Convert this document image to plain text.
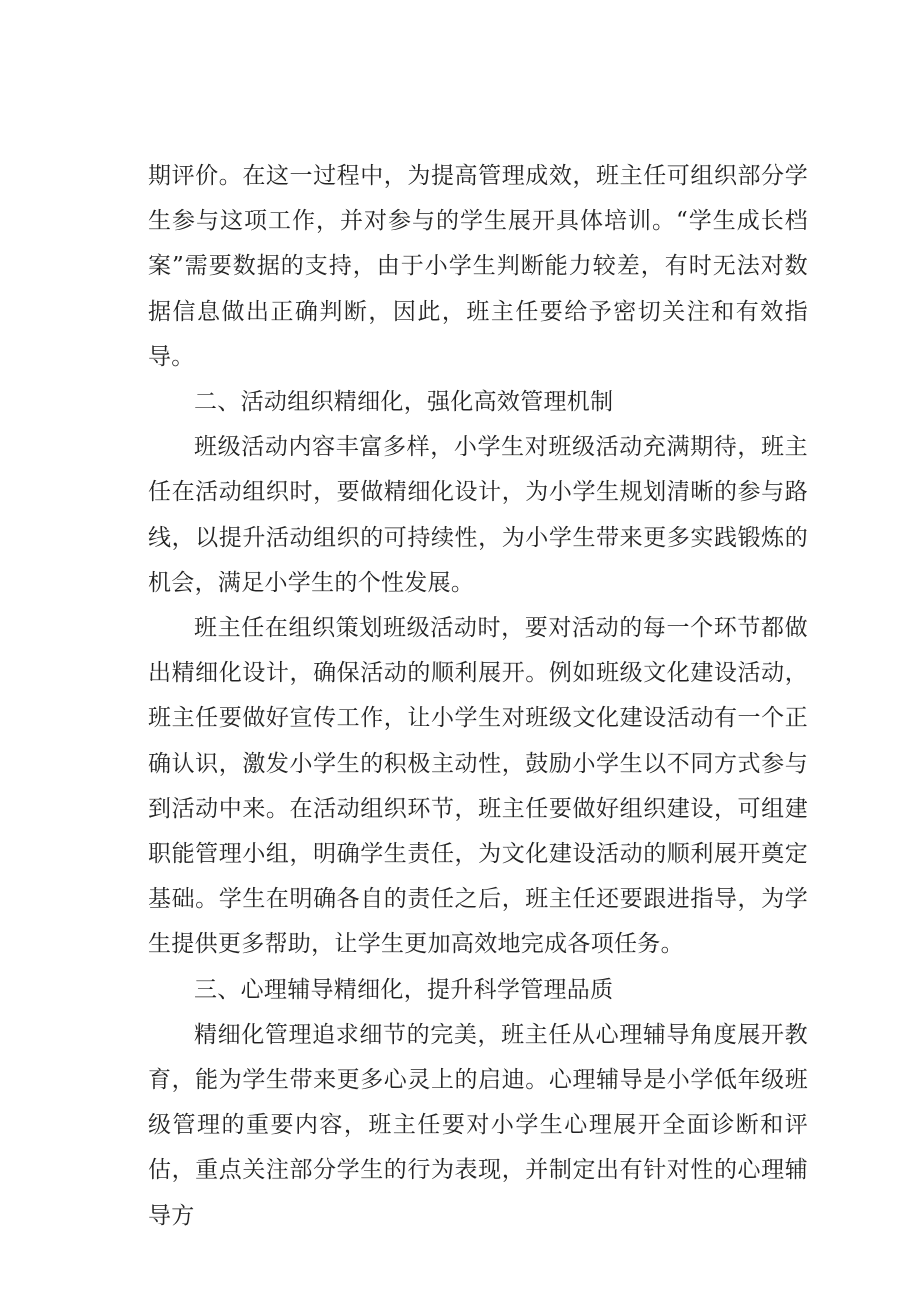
期评价。在这一过程中，为提高管理成效，班主任可组织部分学生参与这项工作，并对参与的学生展开具体培训。“学生成长档案”需要数据的支持，由于小学生判断能力较差，有时无法对数据信息做出正确判断，因此，班主任要给予密切关注和有效指导。

二、活动组织精细化，强化高效管理机制

班级活动内容丰富多样，小学生对班级活动充满期待，班主任在活动组织时，要做精细化设计，为小学生规划清晰的参与路线，以提升活动组织的可持续性，为小学生带来更多实践锻炼的机会，满足小学生的个性发展。

班主任在组织策划班级活动时，要对活动的每一个环节都做出精细化设计，确保活动的顺利展开。例如班级文化建设活动，班主任要做好宣传工作，让小学生对班级文化建设活动有一个正确认识，激发小学生的积极主动性，鼓励小学生以不同方式参与到活动中来。在活动组织环节，班主任要做好组织建设，可组建职能管理小组，明确学生责任，为文化建设活动的顺利展开奠定基础。学生在明确各自的责任之后，班主任还要跟进指导，为学生提供更多帮助，让学生更加高效地完成各项任务。

三、心理辅导精细化，提升科学管理品质

精细化管理追求细节的完美，班主任从心理辅导角度展开教育，能为学生带来更多心灵上的启迪。心理辅导是小学低年级班级管理的重要内容，班主任要对小学生心理展开全面诊断和评估，重点关注部分学生的行为表现，并制定出有针对性的心理辅导方
